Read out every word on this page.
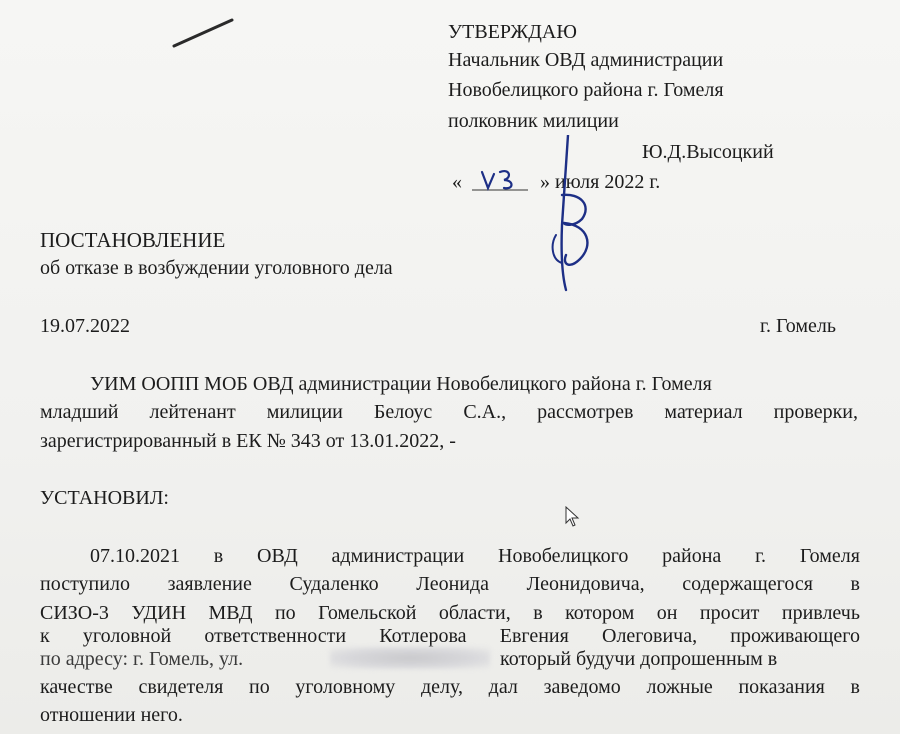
УТВЕРЖДАЮ
Начальник ОВД администрации
Новобелицкого района г. Гомеля
полковник милиции
Ю.Д.Высоцкий
«	» июля 2022 г.
ПОСТАНОВЛЕНИЕ
об отказе в возбуждении уголовного дела
19.07.2022	г. Гомель
УИМ ООПП МОБ ОВД администрации Новобелицкого района г. Гомеля
младший лейтенант милиции Белоус С.А., рассмотрев материал проверки,
зарегистрированный в ЕК № 343 от 13.01.2022, -
УСТАНОВИЛ:
07.10.2021 в ОВД администрации Новобелицкого района г. Гомеля
поступило заявление Судаленко Леонида Леонидовича, содержащегося в
СИЗО-3 УДИН МВД по Гомельской области, в котором он просит привлечь
к уголовной ответственности Котлерова Евгения Олеговича, проживающего
по адресу: г. Гомель, ул.	который будучи допрошенным в
качестве свидетеля по уголовному делу, дал заведомо ложные показания в
отношении него.
